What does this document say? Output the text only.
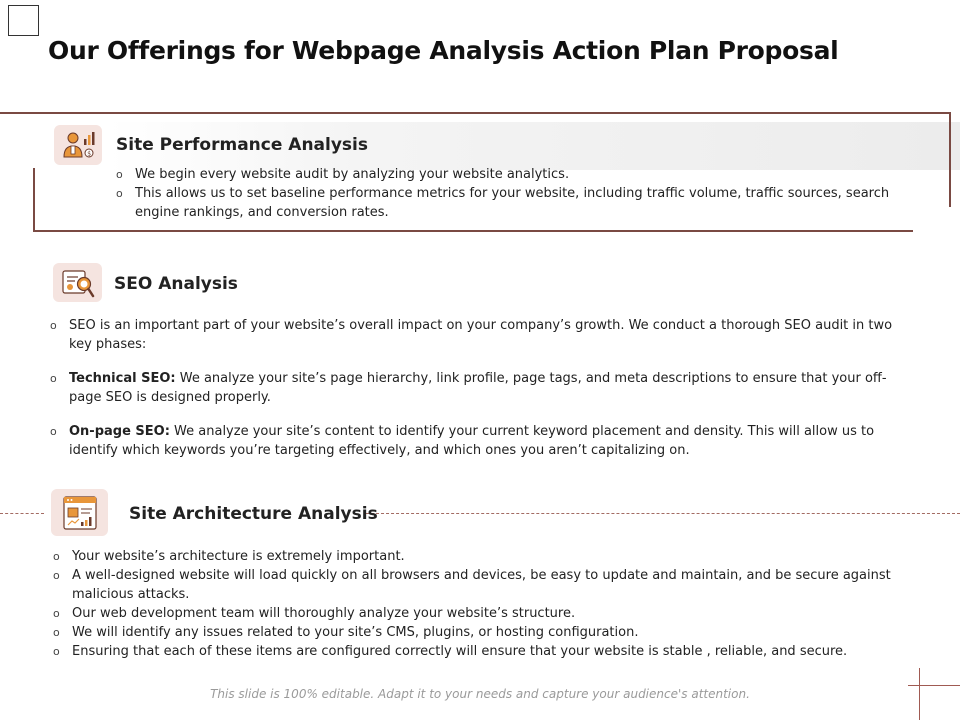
Our Offerings for Webpage Analysis Action Plan Proposal
$ Site Performance Analysis
o We begin every website audit by analyzing your website analytics.
o This allows us to set baseline performance metrics for your website, including traffic volume, traffic sources, search engine rankings, and conversion rates.
SEO Analysis
o SEO is an important part of your website’s overall impact on your company’s growth. We conduct a thorough SEO audit in two key phases:
o Technical SEO: We analyze your site’s page hierarchy, link profile, page tags, and meta descriptions to ensure that your off-page SEO is designed properly.
o On-page SEO: We analyze your site’s content to identify your current keyword placement and density. This will allow us to identify which keywords you’re targeting effectively, and which ones you aren’t capitalizing on.
Site Architecture Analysis
o Your website’s architecture is extremely important.
o A well-designed website will load quickly on all browsers and devices, be easy to update and maintain, and be secure against malicious attacks.
o Our web development team will thoroughly analyze your website’s structure.
o We will identify any issues related to your site’s CMS, plugins, or hosting configuration.
o Ensuring that each of these items are configured correctly will ensure that your website is stable , reliable, and secure.
This slide is 100% editable. Adapt it to your needs and capture your audience's attention.
